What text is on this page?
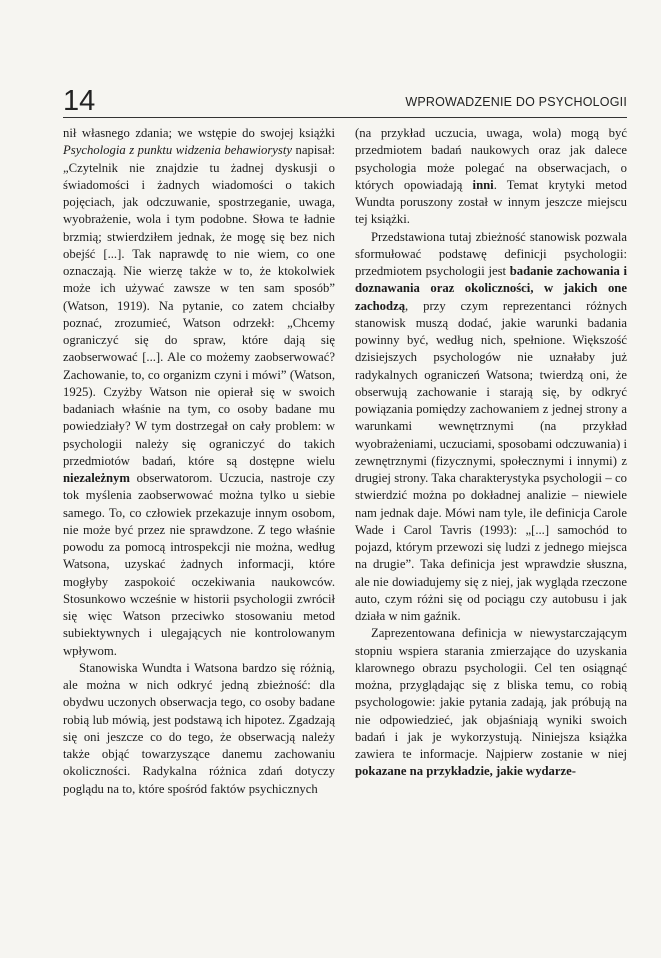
14	WPROWADZENIE DO PSYCHOLOGII

nił własnego zdania; we wstępie do swojej książki Psychologia z punktu widzenia behawiorysty napisał: „Czytelnik nie znajdzie tu żadnej dyskusji o świadomości i żadnych wiadomości o takich pojęciach, jak odczuwanie, spostrzeganie, uwaga, wyobrażenie, wola i tym podobne. Słowa te ładnie brzmią; stwierdziłem jednak, że mogę się bez nich obejść [...]. Tak naprawdę to nie wiem, co one oznaczają. Nie wierzę także w to, że ktokolwiek może ich używać zawsze w ten sam sposób” (Watson, 1919). Na pytanie, co zatem chciałby poznać, zrozumieć, Watson odrzekł: „Chcemy ograniczyć się do spraw, które dają się zaobserwować [...]. Ale co możemy zaobserwować? Zachowanie, to, co organizm czyni i mówi” (Watson, 1925). Czyżby Watson nie opierał się w swoich badaniach właśnie na tym, co osoby badane mu powiedziały? W tym dostrzegał on cały problem: w psychologii należy się ograniczyć do takich przedmiotów badań, które są dostępne wielu niezależnym obserwatorom. Uczucia, nastroje czy tok myślenia zaobserwować można tylko u siebie samego. To, co człowiek przekazuje innym osobom, nie może być przez nie sprawdzone. Z tego właśnie powodu za pomocą introspekcji nie można, według Watsona, uzyskać żadnych informacji, które mogłyby zaspokoić oczekiwania naukowców. Stosunkowo wcześnie w historii psychologii zwrócił się więc Watson przeciwko stosowaniu metod subiektywnych i ulegających nie kontrolowanym wpływom.

Stanowiska Wundta i Watsona bardzo się różnią, ale można w nich odkryć jedną zbieżność: dla obydwu uczonych obserwacja tego, co osoby badane robią lub mówią, jest podstawą ich hipotez. Zgadzają się oni jeszcze co do tego, że obserwacją należy także objąć towarzyszące danemu zachowaniu okoliczności. Radykalna różnica zdań dotyczy poglądu na to, które spośród faktów psychicznych

(na przykład uczucia, uwaga, wola) mogą być przedmiotem badań naukowych oraz jak dalece psychologia może polegać na obserwacjach, o których opowiadają inni. Temat krytyki metod Wundta poruszony został w innym jeszcze miejscu tej książki.

Przedstawiona tutaj zbieżność stanowisk pozwala sformułować podstawę definicji psychologii: przedmiotem psychologii jest badanie zachowania i doznawania oraz okoliczności, w jakich one zachodzą, przy czym reprezentanci różnych stanowisk muszą dodać, jakie warunki badania powinny być, według nich, spełnione. Większość dzisiejszych psychologów nie uznałaby już radykalnych ograniczeń Watsona; twierdzą oni, że obserwują zachowanie i starają się, by odkryć powiązania pomiędzy zachowaniem z jednej strony a warunkami wewnętrznymi (na przykład wyobrażeniami, uczuciami, sposobami odczuwania) i zewnętrznymi (fizycznymi, społecznymi i innymi) z drugiej strony. Taka charakterystyka psychologii – co stwierdzić można po dokładnej analizie – niewiele nam jednak daje. Mówi nam tyle, ile definicja Carole Wade i Carol Tavris (1993): „[...] samochód to pojazd, którym przewozi się ludzi z jednego miejsca na drugie”. Taka definicja jest wprawdzie słuszna, ale nie dowiadujemy się z niej, jak wygląda rzeczone auto, czym różni się od pociągu czy autobusu i jak działa w nim gaźnik.

Zaprezentowana definicja w niewystarczającym stopniu wspiera starania zmierzające do uzyskania klarownego obrazu psychologii. Cel ten osiągnąć można, przyglądając się z bliska temu, co robią psychologowie: jakie pytania zadają, jak próbują na nie odpowiedzieć, jak objaśniają wyniki swoich badań i jak je wykorzystują. Niniejsza książka zawiera te informacje. Najpierw zostanie w niej pokazane na przykładzie, jakie wydarze-
